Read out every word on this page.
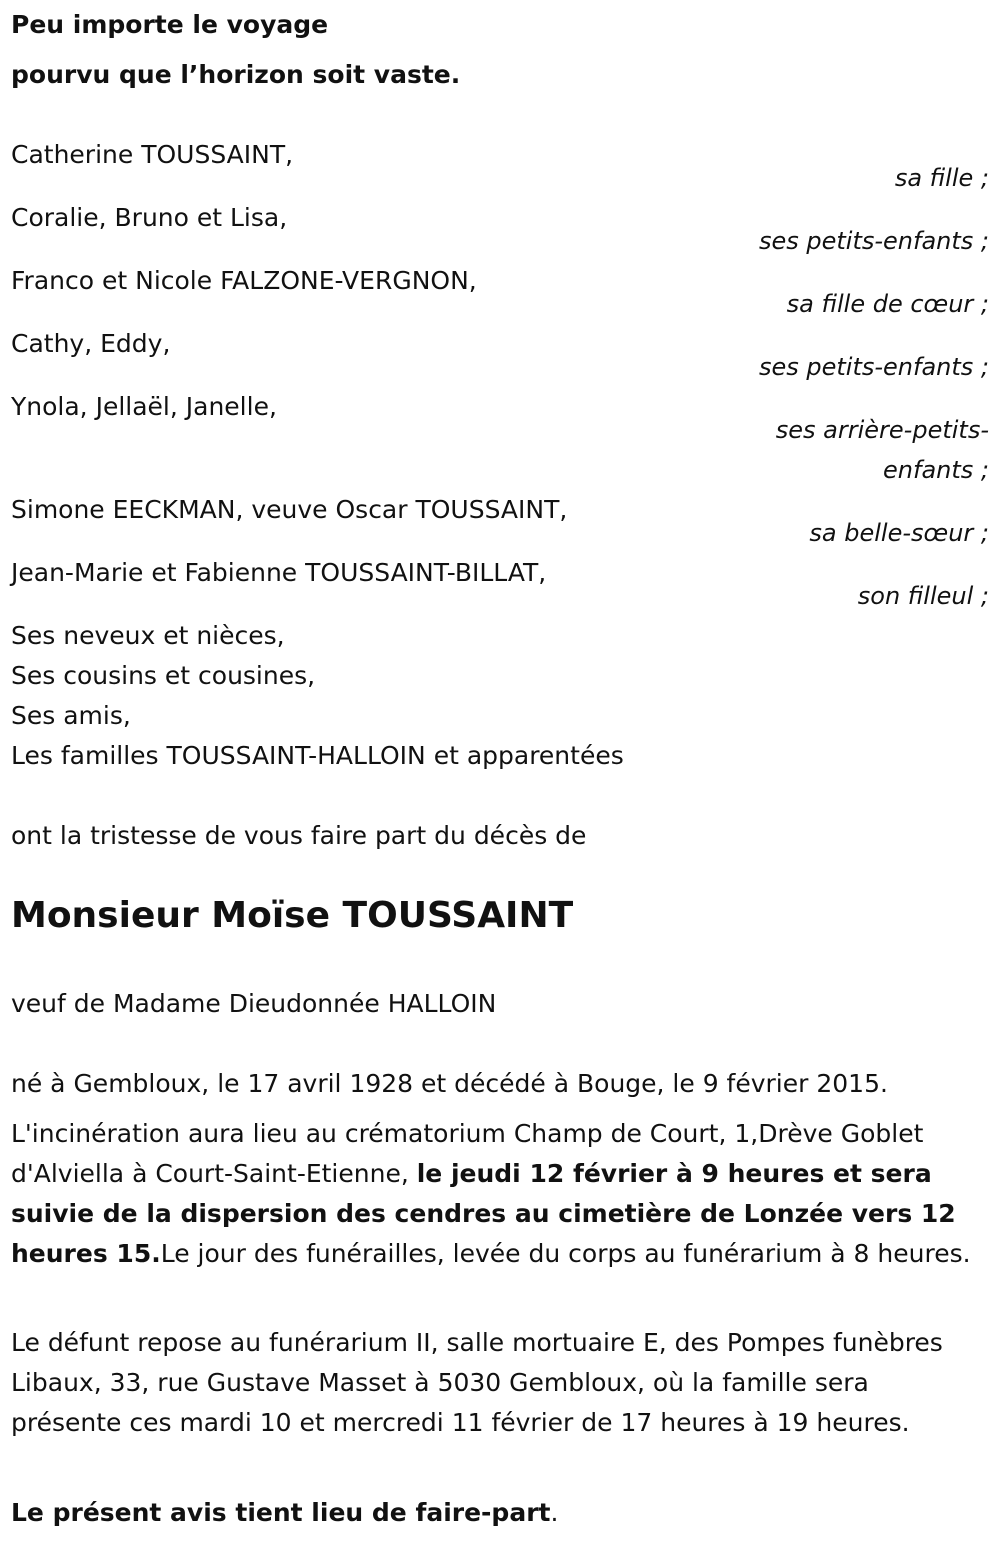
Peu importe le voyage
pourvu que l’horizon soit vaste.
Catherine TOUSSAINT,
sa fille ;
Coralie, Bruno et Lisa,
ses petits-enfants ;
Franco et Nicole FALZONE-VERGNON,
sa fille de cœur ;
Cathy, Eddy,
ses petits-enfants ;
Ynola, Jellaël, Janelle,
ses arrière-petits-
enfants ;
Simone EECKMAN, veuve Oscar TOUSSAINT,
sa belle-sœur ;
Jean-Marie et Fabienne TOUSSAINT-BILLAT,
son filleul ;
Ses neveux et nièces,
Ses cousins et cousines,
Ses amis,
Les familles TOUSSAINT-HALLOIN et apparentées
ont la tristesse de vous faire part du décès de
Monsieur Moïse TOUSSAINT
veuf de Madame Dieudonnée HALLOIN
né à Gembloux, le 17 avril 1928 et décédé à Bouge, le 9 février 2015.
L'incinération aura lieu au crématorium Champ de Court, 1,Drève Goblet d'Alviella à Court-Saint-Etienne, le jeudi 12 février à 9 heures et sera suivie de la dispersion des cendres au cimetière de Lonzée vers 12 heures 15.Le jour des funérailles, levée du corps au funérarium à 8 heures.
Le défunt repose au funérarium II, salle mortuaire E, des Pompes funèbres Libaux, 33, rue Gustave Masset à 5030 Gembloux, où la famille sera présente ces mardi 10 et mercredi 11 février de 17 heures à 19 heures.
Le présent avis tient lieu de faire-part.
